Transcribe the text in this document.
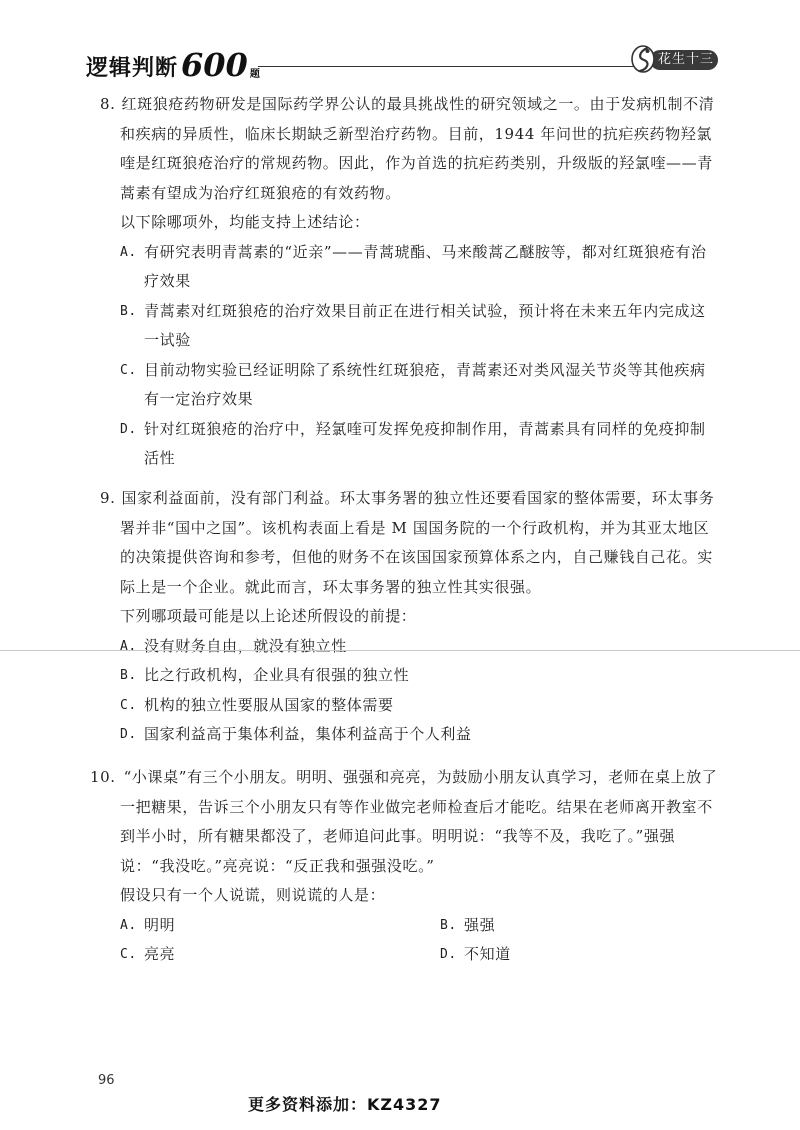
逻辑判断 600 题
花生十三

8. 红斑狼疮药物研发是国际药学界公认的最具挑战性的研究领域之一。由于发病机制不清和疾病的异质性，临床长期缺乏新型治疗药物。目前，1944 年问世的抗疟疾药物羟氯喹是红斑狼疮治疗的常规药物。因此，作为首选的抗疟药类别，升级版的羟氯喹——青蒿素有望成为治疗红斑狼疮的有效药物。

以下除哪项外，均能支持上述结论：

A. 有研究表明青蒿素的“近亲”——青蒿琥酯、马来酸蒿乙醚胺等，都对红斑狼疮有治疗效果
B. 青蒿素对红斑狼疮的治疗效果目前正在进行相关试验，预计将在未来五年内完成这一试验
C. 目前动物实验已经证明除了系统性红斑狼疮，青蒿素还对类风湿关节炎等其他疾病有一定治疗效果
D. 针对红斑狼疮的治疗中，羟氯喹可发挥免疫抑制作用，青蒿素具有同样的免疫抑制活性

9. 国家利益面前，没有部门利益。环太事务署的独立性还要看国家的整体需要，环太事务署并非“国中之国”。该机构表面上看是 M 国国务院的一个行政机构，并为其亚太地区的决策提供咨询和参考，但他的财务不在该国国家预算体系之内，自己赚钱自己花。实际上是一个企业。就此而言，环太事务署的独立性其实很强。

下列哪项最可能是以上论述所假设的前提：

A. 没有财务自由，就没有独立性
B. 比之行政机构，企业具有很强的独立性
C. 机构的独立性要服从国家的整体需要
D. 国家利益高于集体利益，集体利益高于个人利益

10. “小课桌”有三个小朋友。明明、强强和亮亮，为鼓励小朋友认真学习，老师在桌上放了一把糖果，告诉三个小朋友只有等作业做完老师检查后才能吃。结果在老师离开教室不到半小时，所有糖果都没了，老师追问此事。明明说：“我等不及，我吃了。”强强说：“我没吃。”亮亮说：“反正我和强强没吃。”

假设只有一个人说谎，则说谎的人是：

A. 明明	B. 强强
C. 亮亮	D. 不知道
96
更多资料添加：KZ4327
